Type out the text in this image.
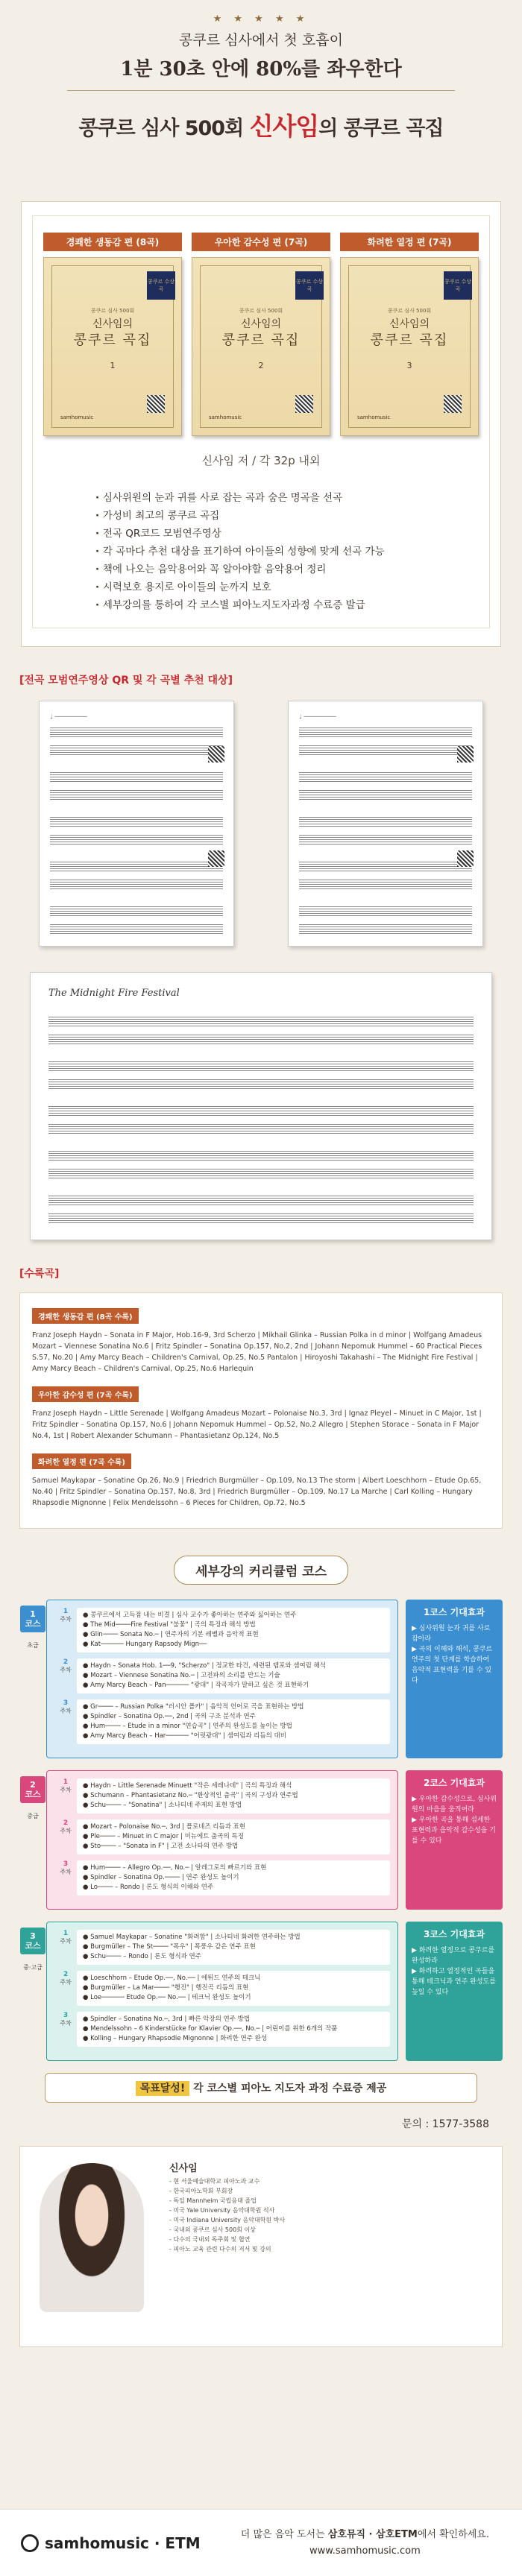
★ ★ ★ ★ ★
콩쿠르 심사에서 첫 호흡이
1분 30초 안에 80%를 좌우한다
콩쿠르 심사 500회 신사임의 콩쿠르 곡집
경쾌한 생동감 편 (8곡)
콩쿠르 수상곡
콩쿠르 심사 500회
신사임의
콩쿠르 곡집
1
samhomusic
우아한 감수성 편 (7곡)
콩쿠르 수상곡
콩쿠르 심사 500회
신사임의
콩쿠르 곡집
2
samhomusic
화려한 열정 편 (7곡)
콩쿠르 수상곡
콩쿠르 심사 500회
신사임의
콩쿠르 곡집
3
samhomusic
신사임 저 / 각 32p 내외
· 심사위원의 눈과 귀를 사로 잡는 곡과 숨은 명곡을 선곡
· 가성비 최고의 콩쿠르 곡집
· 전곡 QR코드 모범연주영상
· 각 곡마다 추천 대상을 표기하여 아이들의 성향에 맞게 선곡 가능
· 책에 나오는 음악용어와 꼭 알아야할 음악용어 정리
· 시력보호 용지로 아이들의 눈까지 보호
· 세부강의를 통하여 각 코스별 피아노지도자과정 수료증 발급
[전곡 모범연주영상 QR 및 각 곡별 추천 대상]
♩ ─────────	♩ ─────────
The Midnight Fire Festival
[수록곡]
경쾌한 생동감 편 (8곡 수록)
Franz Joseph Haydn – Sonata in F Major, Hob.16-9, 3rd Scherzo | Mikhail Glinka – Russian Polka in d minor | Wolfgang Amadeus Mozart – Viennese Sonatina No.6 | Fritz Spindler – Sonatina Op.157, No.2, 2nd | Johann Nepomuk Hummel – 60 Practical Pieces S.57, No.20 | Amy Marcy Beach – Children's Carnival, Op.25, No.5 Pantalon | Hiroyoshi Takahashi – The Midnight Fire Festival | Amy Marcy Beach – Children's Carnival, Op.25, No.6 Harlequin
우아한 감수성 편 (7곡 수록)
Franz Joseph Haydn – Little Serenade | Wolfgang Amadeus Mozart – Polonaise No.3, 3rd | Ignaz Pleyel – Minuet in C Major, 1st | Fritz Spindler – Sonatina Op.157, No.6 | Johann Nepomuk Hummel – Op.52, No.2 Allegro | Stephen Storace – Sonata in F Major No.4, 1st | Robert Alexander Schumann – Phantasietanz Op.124, No.5
화려한 열정 편 (7곡 수록)
Samuel Maykapar – Sonatine Op.26, No.9 | Friedrich Burgmüller – Op.109, No.13 The storm | Albert Loeschhorn – Etude Op.65, No.40 | Fritz Spindler – Sonatina Op.157, No.8, 3rd | Friedrich Burgmüller – Op.109, No.17 La Marche | Carl Kolling – Hungary Rhapsodie Mignonne | Felix Mendelssohn – 6 Pieces for Children, Op.72, No.5
세부강의 커리큘럼 코스
1
코스
초급
1
주차
● 콩쿠르에서 고득점 내는 비결 | 심사 교수가 좋아하는 연주와 싫어하는 연주
● The Mid────Fire Festival "불꽃" | 곡의 특징과 해석 방법
● Glin──── Sonata No.─ | 연주자의 기본 레벨과 음악적 표현
● Kat────── Hungary Rapsody Mign──
2
주차
● Haydn – Sonata Hob. 1──9, "Scherzo" | 정교한 타건, 세련된 템포와 셈여림 해석
● Mozart – Viennese Sonatina No.─ | 고전파의 소리를 만드는 기술
● Amy Marcy Beach – Pan────── "광대" | 작곡자가 말하고 싶은 것 표현하기
3
주차
● Gr──── – Russian Polka "러시안 폴카" | 음악적 언어로 곡을 표현하는 방법
● Spindler – Sonatina Op.──, 2nd | 곡의 구조 분석과 연주
● Hum──── – Etude in a minor "연습곡" | 연주의 완성도를 높이는 방법
● Amy Marcy Beach – Har────── "어릿광대" | 셈여림과 리듬의 대비
1코스 기대효과
▶ 심사위원 눈과 귀를 사로 잡아라
▶ 곡의 이해와 해석, 콩쿠르 연주의 첫 단계를 학습하여 음악적 표현력을 기를 수 있다
2
코스
중급
1
주차
● Haydn – Little Serenade Minuett "작은 세레나데" | 곡의 특징과 해석
● Schumann – Phantasietanz No.─ "환상적인 춤곡" | 곡의 구성과 연주법
● Schu──── – "Sonatina" | 소나티네 주제의 표현 방법
2
주차
● Mozart – Polonaise No.─, 3rd | 폴로네즈 리듬과 표현
● Ple──── – Minuet in C major | 미뉴에트 춤곡의 특징
● Sto──── – "Sonata in F" | 고전 소나타의 연주 방법
3
주차
● Hum──── – Allegro Op.──, No.─ | 알레그로의 빠르기와 표현
● Spindler – Sonatina Op.──── | 연주 완성도 높이기
● Lo──── – Rondo | 론도 형식의 이해와 연주
2코스 기대효과
▶ 우아한 감수성으로, 심사위원의 마음을 움직여라
▶ 우아한 곡을 통해 섬세한 표현력과 음악적 감수성을 기를 수 있다
3
코스
중·고급
1
주차
● Samuel Maykapar – Sonatine "화려함" | 소나티네 화려한 연주하는 방법
● Burgmüller – The St──── "폭우" | 폭풍우 같은 연주 표현
● Schu──── – Rondo | 론도 형식과 연주
2
주차
● Loeschhorn – Etude Op.──, No.── | 에튀드 연주의 테크닉
● Burgmüller – La Mar──── "행진" | 행진곡 리듬의 표현
● Loe────── Etude Op.── No.── | 테크닉 완성도 높이기
3
주차
● Spindler – Sonatina No.─, 3rd | 빠른 악장의 연주 방법
● Mendelssohn – 6 Kinderstücke for Klavier Op.──, No.─ | 어린이를 위한 6개의 작품
● Kolling – Hungary Rhapsodie Mignonne | 화려한 연주 완성
3코스 기대효과
▶ 화려한 열정으로 콩쿠르를 완성하라
▶ 화려하고 열정적인 곡들을 통해 테크닉과 연주 완성도를 높일 수 있다
목표달성! 각 코스별 피아노 지도자 과정 수료증 제공
문의 : 1577-3588
신사임
- 현 서울예술대학교 피아노과 교수
- 한국피아노학회 부회장
- 독일 Mannheim 국립음대 졸업
- 미국 Yale University 음악대학원 석사
- 미국 Indiana University 음악대학원 박사
- 국내외 콩쿠르 심사 500회 이상
- 다수의 국내외 독주회 및 협연
- 피아노 교육 관련 다수의 저서 및 강의
samhomusic · ETM	더 많은 음악 도서는 삼호뮤직 · 삼호ETM에서 확인하세요.
www.samhomusic.com
